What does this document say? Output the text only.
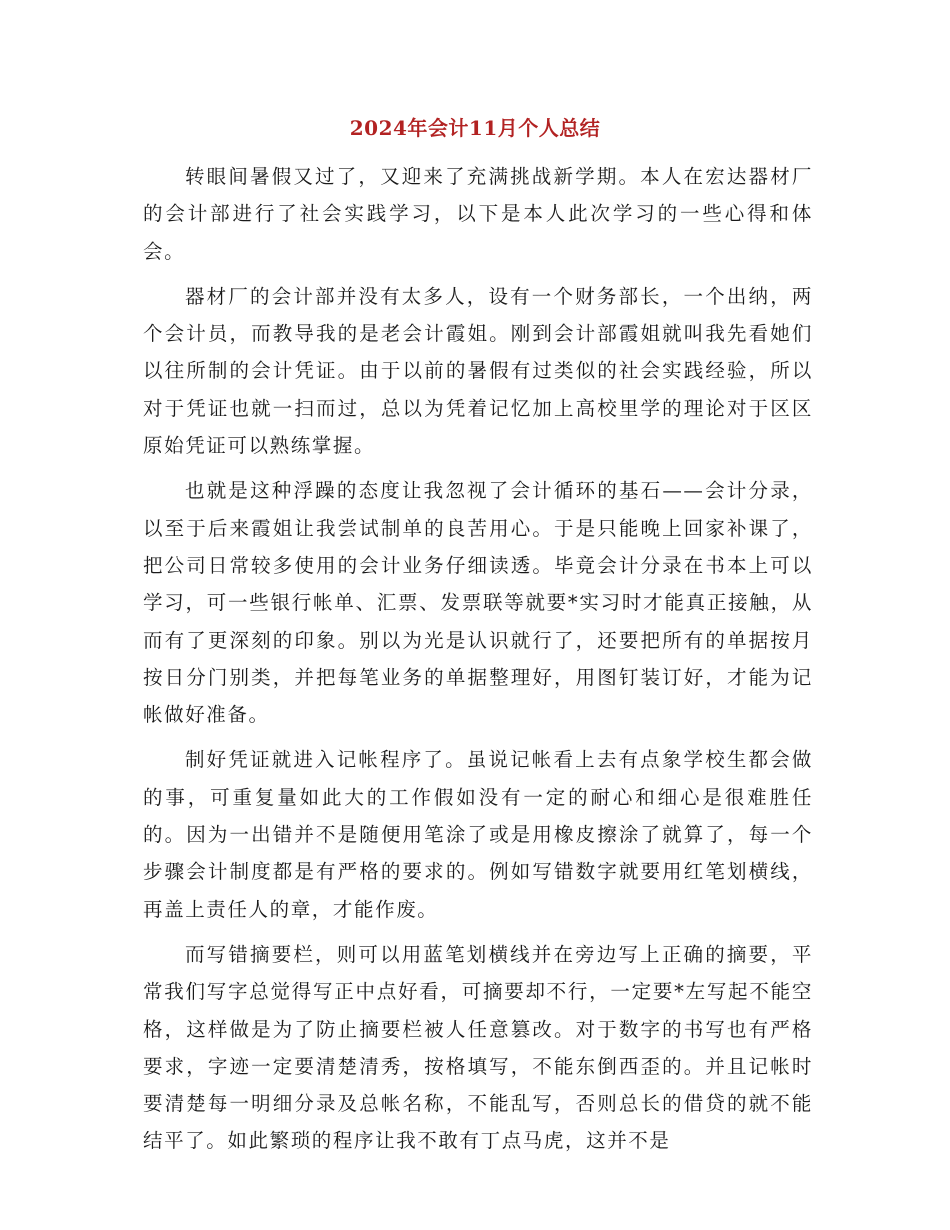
2024年会计11月个人总结

转眼间暑假又过了，又迎来了充满挑战新学期。本人在宏达器材厂的会计部进行了社会实践学习，以下是本人此次学习的一些心得和体会。

器材厂的会计部并没有太多人，设有一个财务部长，一个出纳，两个会计员，而教导我的是老会计霞姐。刚到会计部霞姐就叫我先看她们以往所制的会计凭证。由于以前的暑假有过类似的社会实践经验，所以对于凭证也就一扫而过，总以为凭着记忆加上高校里学的理论对于区区原始凭证可以熟练掌握。

也就是这种浮躁的态度让我忽视了会计循环的基石——会计分录，以至于后来霞姐让我尝试制单的良苦用心。于是只能晚上回家补课了，把公司日常较多使用的会计业务仔细读透。毕竟会计分录在书本上可以学习，可一些银行帐单、汇票、发票联等就要*实习时才能真正接触，从而有了更深刻的印象。别以为光是认识就行了，还要把所有的单据按月按日分门别类，并把每笔业务的单据整理好，用图钉装订好，才能为记帐做好准备。

制好凭证就进入记帐程序了。虽说记帐看上去有点象学校生都会做的事，可重复量如此大的工作假如没有一定的耐心和细心是很难胜任的。因为一出错并不是随便用笔涂了或是用橡皮擦涂了就算了，每一个步骤会计制度都是有严格的要求的。例如写错数字就要用红笔划横线，再盖上责任人的章，才能作废。

而写错摘要栏，则可以用蓝笔划横线并在旁边写上正确的摘要，平常我们写字总觉得写正中点好看，可摘要却不行，一定要*左写起不能空格，这样做是为了防止摘要栏被人任意篡改。对于数字的书写也有严格要求，字迹一定要清楚清秀，按格填写，不能东倒西歪的。并且记帐时要清楚每一明细分录及总帐名称，不能乱写，否则总长的借贷的就不能结平了。如此繁琐的程序让我不敢有丁点马虎，这并不是
